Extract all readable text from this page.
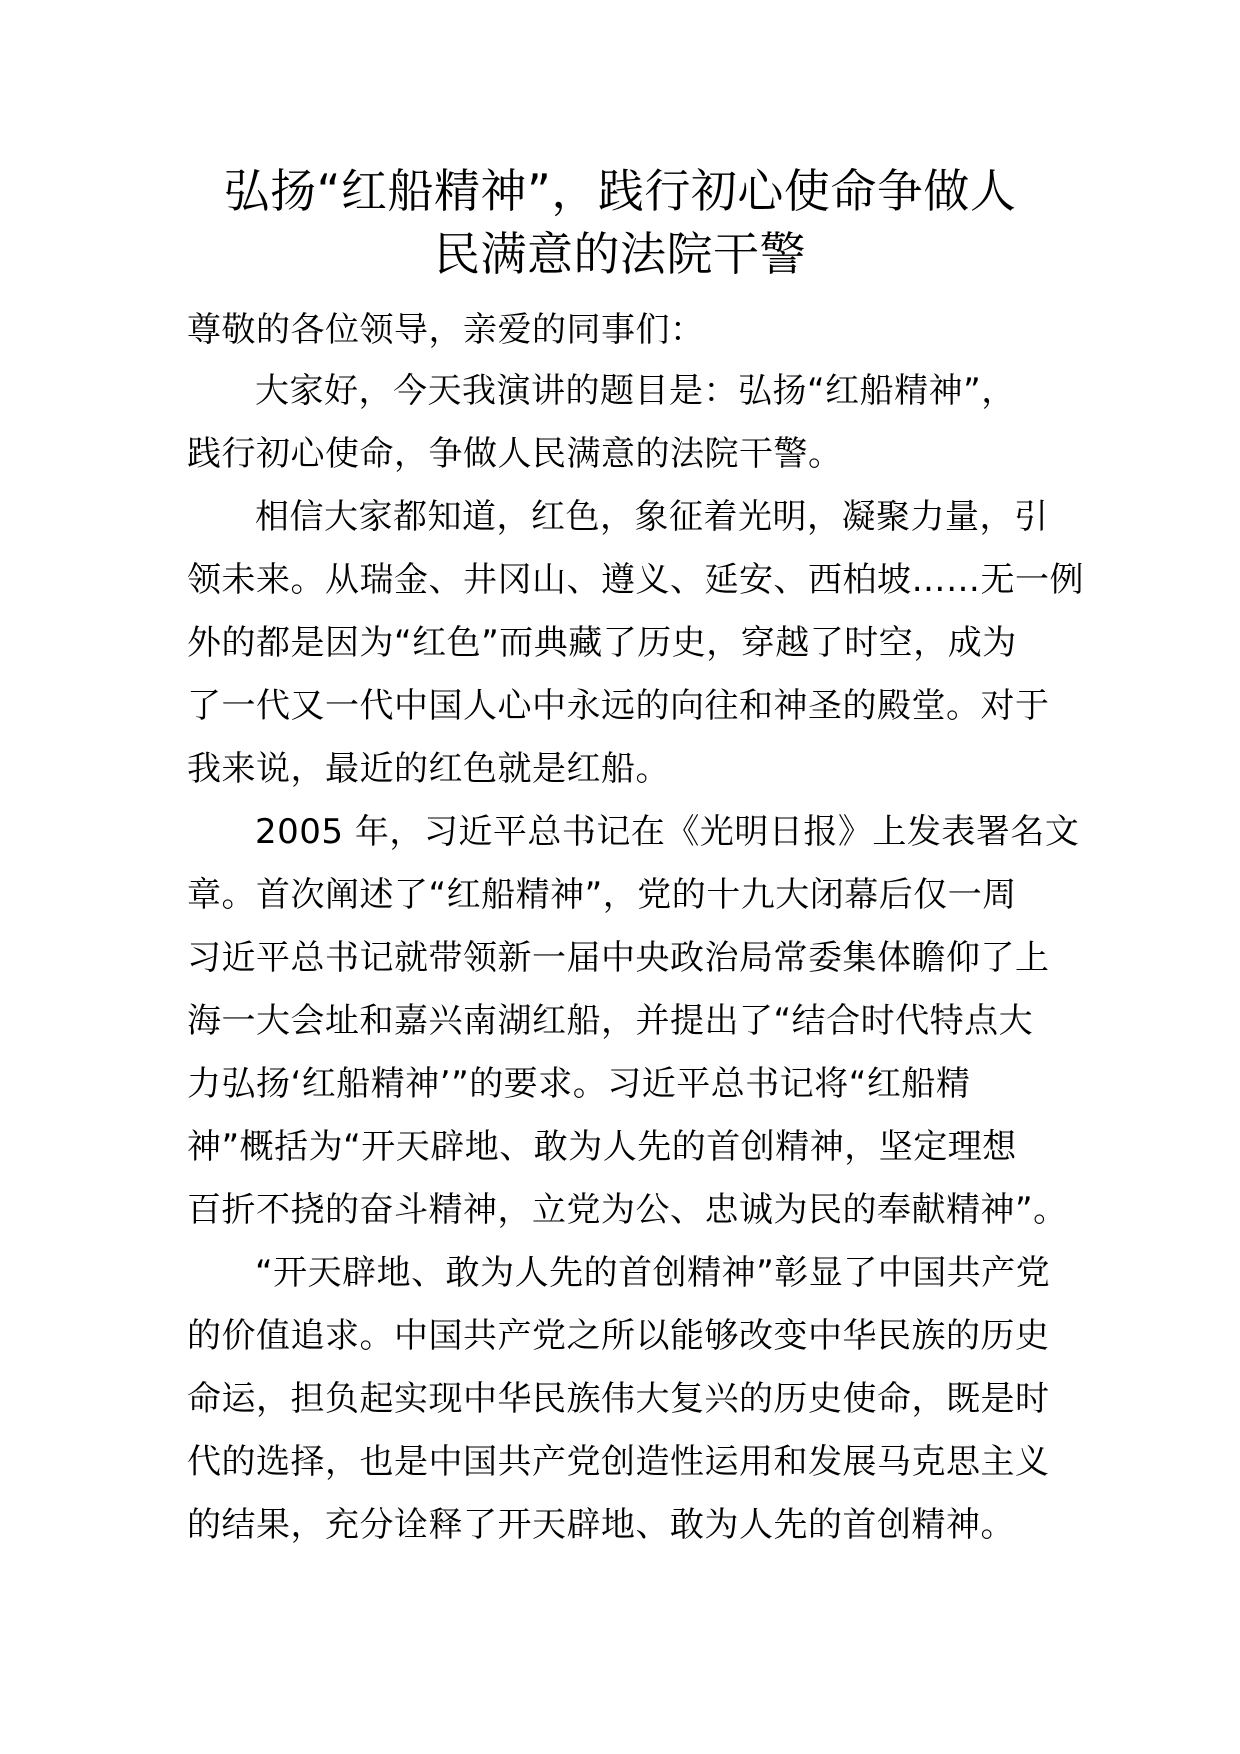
弘扬“红船精神”，践行初心使命争做人
民满意的法院干警
尊敬的各位领导，亲爱的同事们：
大家好，今天我演讲的题目是：弘扬“红船精神”，
践行初心使命，争做人民满意的法院干警。
相信大家都知道，红色，象征着光明，凝聚力量，引
领未来。从瑞金、井冈山、遵义、延安、西柏坡……无一例
外的都是因为“红色”而典藏了历史，穿越了时空，成为
了一代又一代中国人心中永远的向往和神圣的殿堂。对于
我来说，最近的红色就是红船。
2005 年，习近平总书记在《光明日报》上发表署名文
章。首次阐述了“红船精神”，党的十九大闭幕后仅一周
习近平总书记就带领新一届中央政治局常委集体瞻仰了上
海一大会址和嘉兴南湖红船，并提出了“结合时代特点大
力弘扬‘红船精神’”的要求。习近平总书记将“红船精
神”概括为“开天辟地、敢为人先的首创精神，坚定理想
百折不挠的奋斗精神，立党为公、忠诚为民的奉献精神”。
“开天辟地、敢为人先的首创精神”彰显了中国共产党
的价值追求。中国共产党之所以能够改变中华民族的历史
命运，担负起实现中华民族伟大复兴的历史使命，既是时
代的选择，也是中国共产党创造性运用和发展马克思主义
的结果，充分诠释了开天辟地、敢为人先的首创精神。
